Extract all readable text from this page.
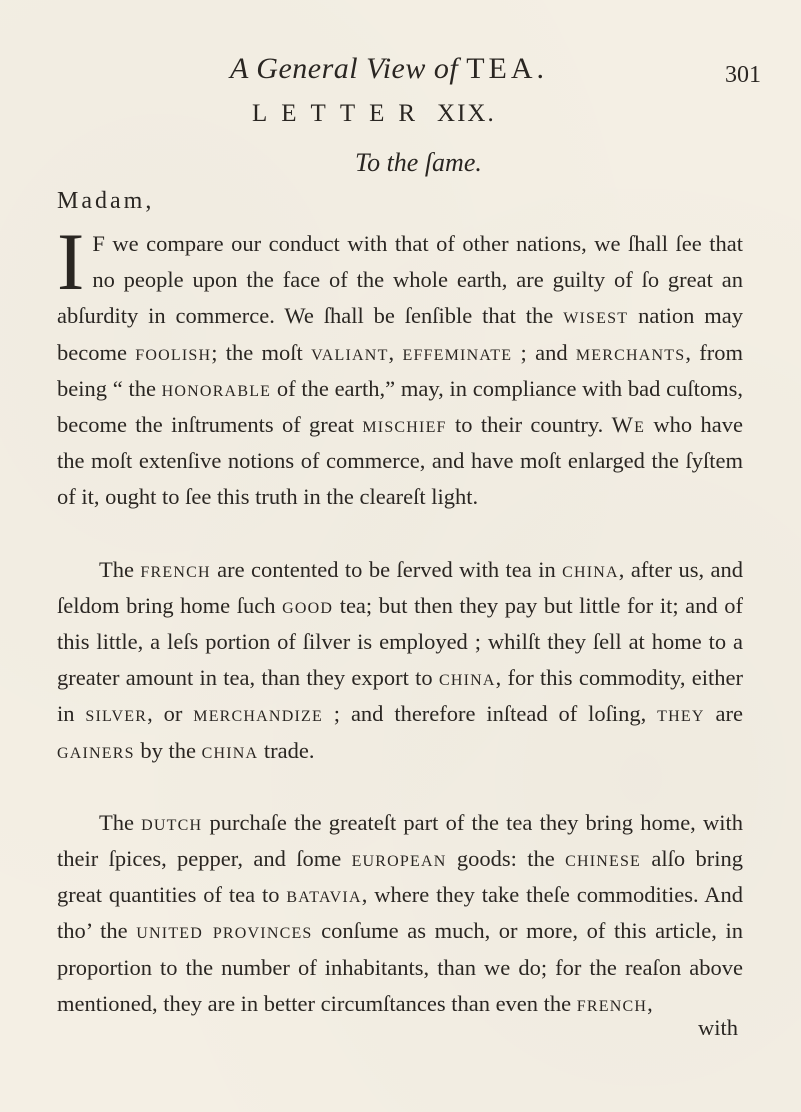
A General View of TEA.	301
LETTER XIX.
To the ſame.
Madam,

I F we compare our conduct with that of other nations, we ſhall ſee that no people upon the face of the whole earth, are guilty of ſo great an abſurdity in commerce. We ſhall be ſenſible that the wisest nation may become foolish; the moſt valiant, effeminate ; and merchants, from being “ the honorable of the earth,” may, in compliance with bad cuſtoms, become the inſtruments of great mischief to their country. We who have the moſt extenſive notions of commerce, and have moſt enlarged the ſyſtem of it, ought to ſee this truth in the cleareſt light.

The french are contented to be ſerved with tea in china, after us, and ſeldom bring home ſuch good tea; but then they pay but little for it; and of this little, a leſs portion of ſilver is employed ; whilſt they ſell at home to a greater amount in tea, than they export to china, for this commodity, either in silver, or merchandize ; and therefore inſtead of loſing, they are gainers by the china trade.

The dutch purchaſe the greateſt part of the tea they bring home, with their ſpices, pepper, and ſome european goods: the chinese alſo bring great quantities of tea to batavia, where they take theſe commodities. And tho’ the united provinces conſume as much, or more, of this article, in proportion to the number of inhabitants, than we do; for the reaſon above mentioned, they are in better circumſtances than even the french,

with
